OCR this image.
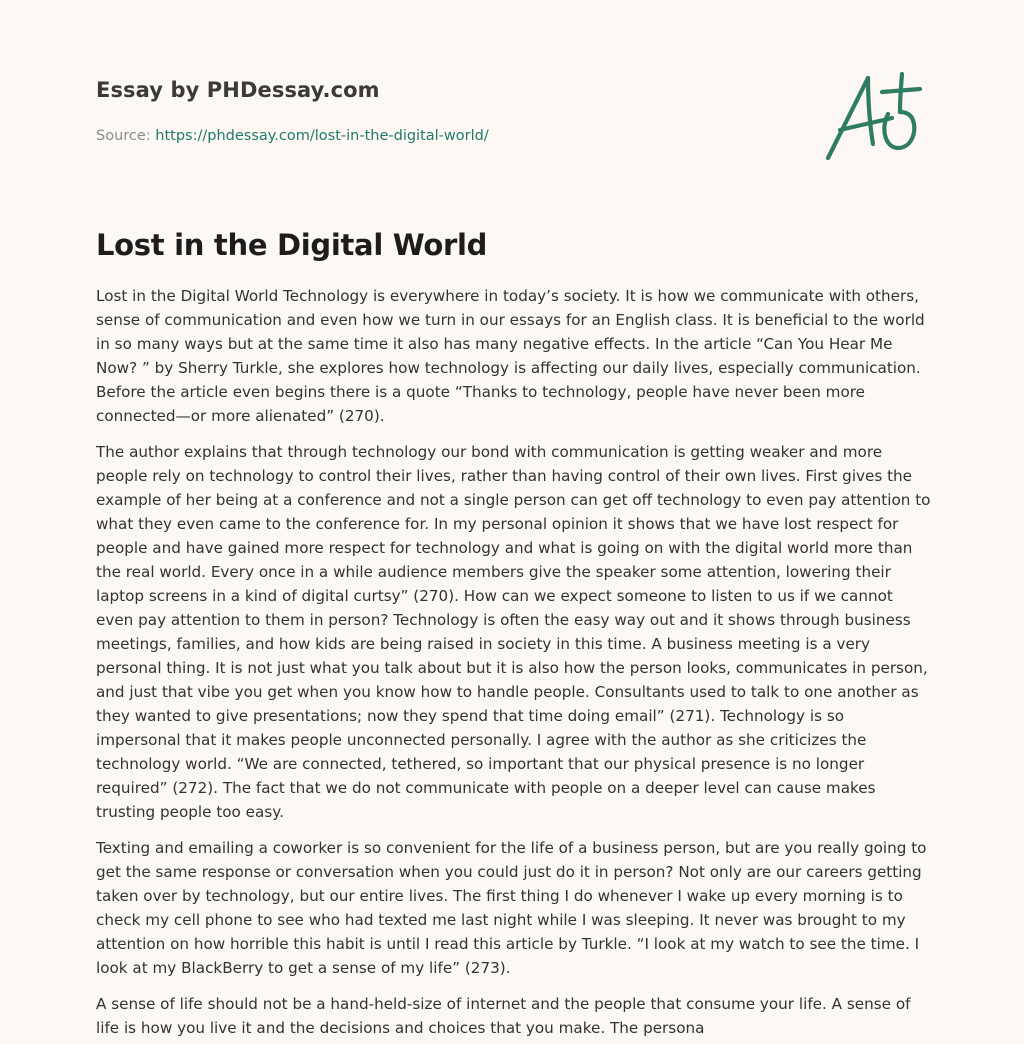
Essay by PHDessay.com
Source: https://phdessay.com/lost-in-the-digital-world/
Lost in the Digital World

Lost in the Digital World Technology is everywhere in today’s society. It is how we communicate with others, sense of communication and even how we turn in our essays for an English class. It is beneficial to the world in so many ways but at the same time it also has many negative effects. In the article “Can You Hear Me Now? ” by Sherry Turkle, she explores how technology is affecting our daily lives, especially communication. Before the article even begins there is a quote “Thanks to technology, people have never been more connected—or more alienated” (270).

The author explains that through technology our bond with communication is getting weaker and more people rely on technology to control their lives, rather than having control of their own lives. First gives the example of her being at a conference and not a single person can get off technology to even pay attention to what they even came to the conference for. In my personal opinion it shows that we have lost respect for people and have gained more respect for technology and what is going on with the digital world more than the real world. Every once in a while audience members give the speaker some attention, lowering their laptop screens in a kind of digital curtsy” (270). How can we expect someone to listen to us if we cannot even pay attention to them in person? Technology is often the easy way out and it shows through business meetings, families, and how kids are being raised in society in this time. A business meeting is a very personal thing. It is not just what you talk about but it is also how the person looks, communicates in person, and just that vibe you get when you know how to handle people. Consultants used to talk to one another as they wanted to give presentations; now they spend that time doing email” (271). Technology is so impersonal that it makes people unconnected personally. I agree with the author as she criticizes the technology world. “We are connected, tethered, so important that our physical presence is no longer required” (272). The fact that we do not communicate with people on a deeper level can cause makes trusting people too easy.

Texting and emailing a coworker is so convenient for the life of a business person, but are you really going to get the same response or conversation when you could just do it in person? Not only are our careers getting taken over by technology, but our entire lives. The first thing I do whenever I wake up every morning is to check my cell phone to see who had texted me last night while I was sleeping. It never was brought to my attention on how horrible this habit is until I read this article by Turkle. “I look at my watch to see the time. I look at my BlackBerry to get a sense of my life” (273).

A sense of life should not be a hand-held-size of internet and the people that consume your life. A sense of life is how you live it and the decisions and choices that you make. The persona
